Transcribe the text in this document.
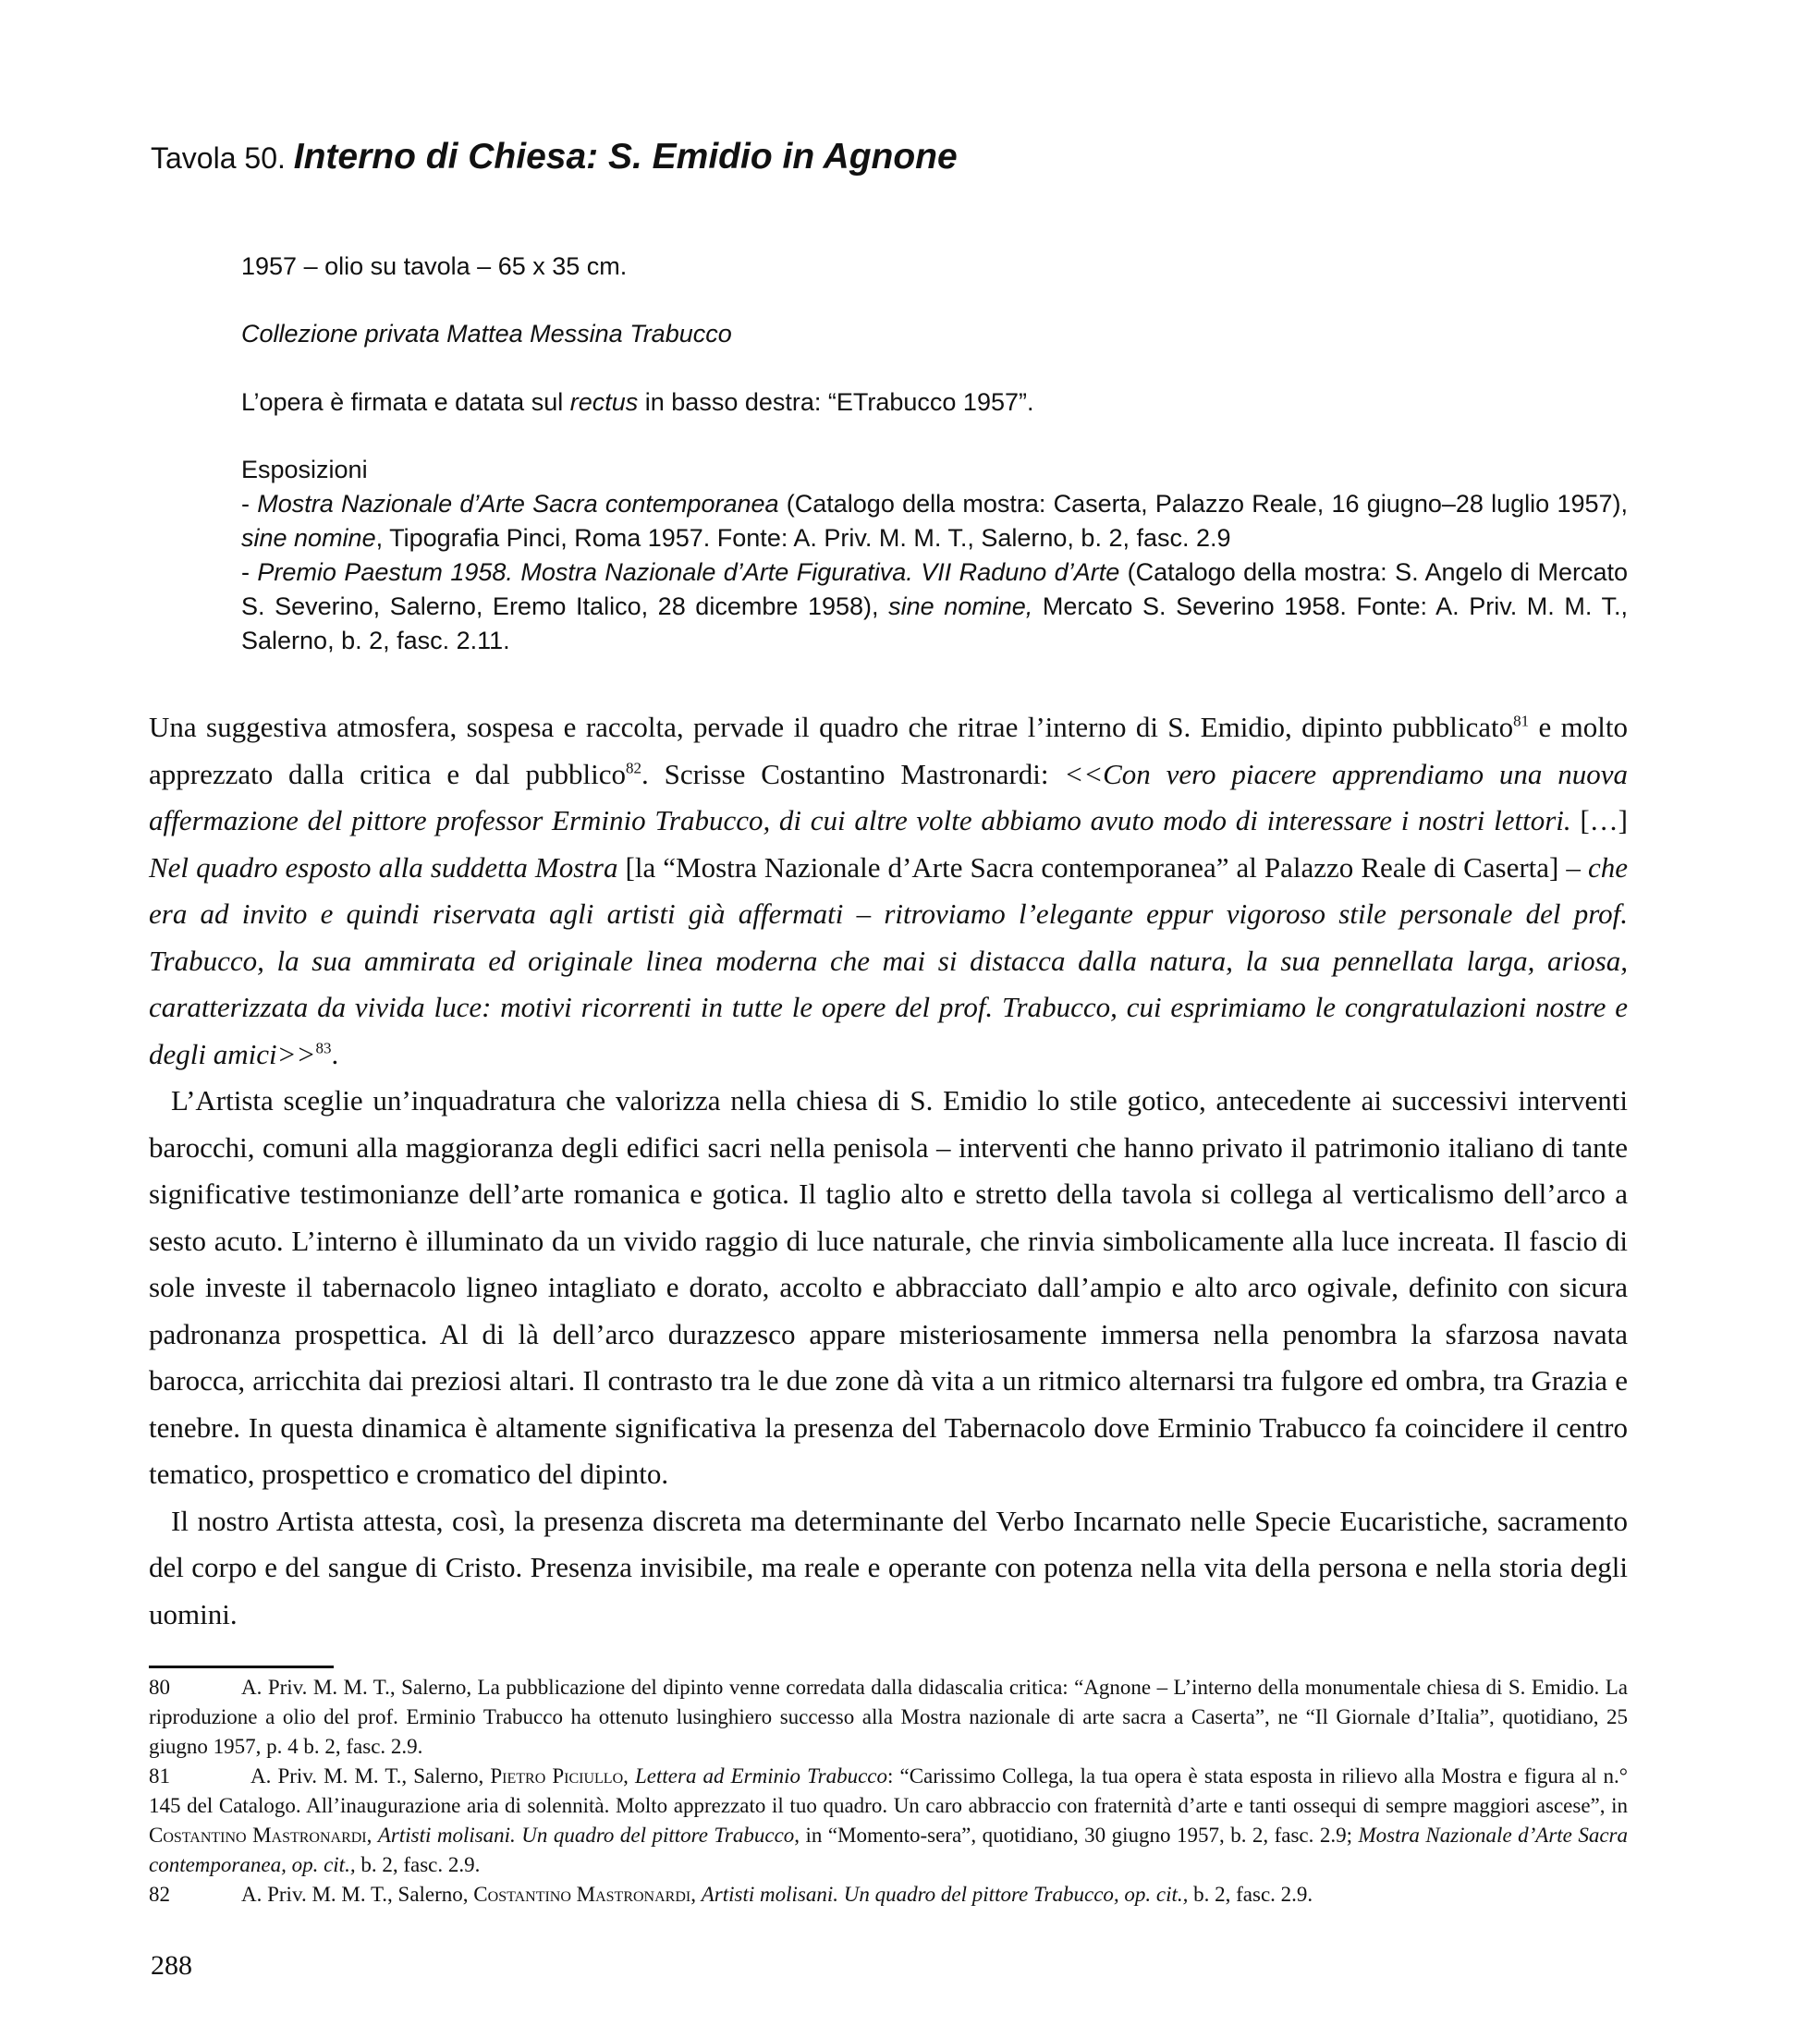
Tavola 50. Interno di Chiesa: S. Emidio in Agnone
1957 – olio su tavola – 65 x 35 cm.
Collezione privata Mattea Messina Trabucco
L’opera è firmata e datata sul rectus in basso destra: “ETrabucco 1957”.

Esposizioni

- Mostra Nazionale d’Arte Sacra contemporanea (Catalogo della mostra: Caserta, Palazzo Reale, 16 giugno–28 luglio 1957), sine nomine, Tipografia Pinci, Roma 1957. Fonte: A. Priv. M. M. T., Salerno, b. 2, fasc. 2.9

- Premio Paestum 1958. Mostra Nazionale d’Arte Figurativa. VII Raduno d’Arte (Catalogo della mostra: S. Angelo di Mercato S. Severino, Salerno, Eremo Italico, 28 dicembre 1958), sine nomine, Mercato S. Severino 1958. Fonte: A. Priv. M. M. T., Salerno, b. 2, fasc. 2.11.

Una suggestiva atmosfera, sospesa e raccolta, pervade il quadro che ritrae l’interno di S. Emidio, dipinto pubblicato$^{81}$ e molto apprezzato dalla critica e dal pubblico$^{82}$. Scrisse Costantino Mastronardi: <<Con vero piacere apprendiamo una nuova affermazione del pittore professor Erminio Trabucco, di cui altre volte abbiamo avuto modo di interessare i nostri lettori. […] Nel quadro esposto alla suddetta Mostra [la “Mostra Nazionale d’Arte Sacra contemporanea” al Palazzo Reale di Caserta] – che era ad invito e quindi riservata agli artisti già affermati – ritroviamo l’elegante eppur vigoroso stile personale del prof. Trabucco, la sua ammirata ed originale linea moderna che mai si distacca dalla natura, la sua pennellata larga, ariosa, caratterizzata da vivida luce: motivi ricorrenti in tutte le opere del prof. Trabucco, cui esprimiamo le congratulazioni nostre e degli amici>>$^{83}$.

L’Artista sceglie un’inquadratura che valorizza nella chiesa di S. Emidio lo stile gotico, antecedente ai successivi interventi barocchi, comuni alla maggioranza degli edifici sacri nella penisola – interventi che hanno privato il patrimonio italiano di tante significative testimonianze dell’arte romanica e gotica. Il taglio alto e stretto della tavola si collega al verticalismo dell’arco a sesto acuto. L’interno è illuminato da un vivido raggio di luce naturale, che rinvia simbolicamente alla luce increata. Il fascio di sole investe il tabernacolo ligneo intagliato e dorato, accolto e abbracciato dall’ampio e alto arco ogivale, definito con sicura padronanza prospettica. Al di là dell’arco durazzesco appare misteriosamente immersa nella penombra la sfarzosa navata barocca, arricchita dai preziosi altari. Il contrasto tra le due zone dà vita a un ritmico alternarsi tra fulgore ed ombra, tra Grazia e tenebre. In questa dinamica è altamente significativa la presenza del Tabernacolo dove Erminio Trabucco fa coincidere il centro tematico, prospettico e cromatico del dipinto.

Il nostro Artista attesta, così, la presenza discreta ma determinante del Verbo Incarnato nelle Specie Eucaristiche, sacramento del corpo e del sangue di Cristo. Presenza invisibile, ma reale e operante con potenza nella vita della persona e nella storia degli uomini.

80	A. Priv. M. M. T., Salerno, La pubblicazione del dipinto venne corredata dalla didascalia critica: “Agnone – L’interno della monumentale chiesa di S. Emidio. La riproduzione a olio del prof. Erminio Trabucco ha ottenuto lusinghiero successo alla Mostra nazionale di arte sacra a Caserta”, ne “Il Giornale d’Italia”, quotidiano, 25 giugno 1957, p. 4 b. 2, fasc. 2.9.

81	A. Priv. M. M. T., Salerno, Pietro Piciullo, Lettera ad Erminio Trabucco: “Carissimo Collega, la tua opera è stata esposta in rilievo alla Mostra e figura al n.° 145 del Catalogo. All’inaugurazione aria di solennità. Molto apprezzato il tuo quadro. Un caro abbraccio con fraternità d’arte e tanti ossequi di sempre maggiori ascese”, in Costantino Mastronardi, Artisti molisani. Un quadro del pittore Trabucco, in “Momento-sera”, quotidiano, 30 giugno 1957, b. 2, fasc. 2.9; Mostra Nazionale d’Arte Sacra contemporanea, op. cit., b. 2, fasc. 2.9.

82	A. Priv. M. M. T., Salerno, Costantino Mastronardi, Artisti molisani. Un quadro del pittore Trabucco, op. cit., b. 2, fasc. 2.9.

288
